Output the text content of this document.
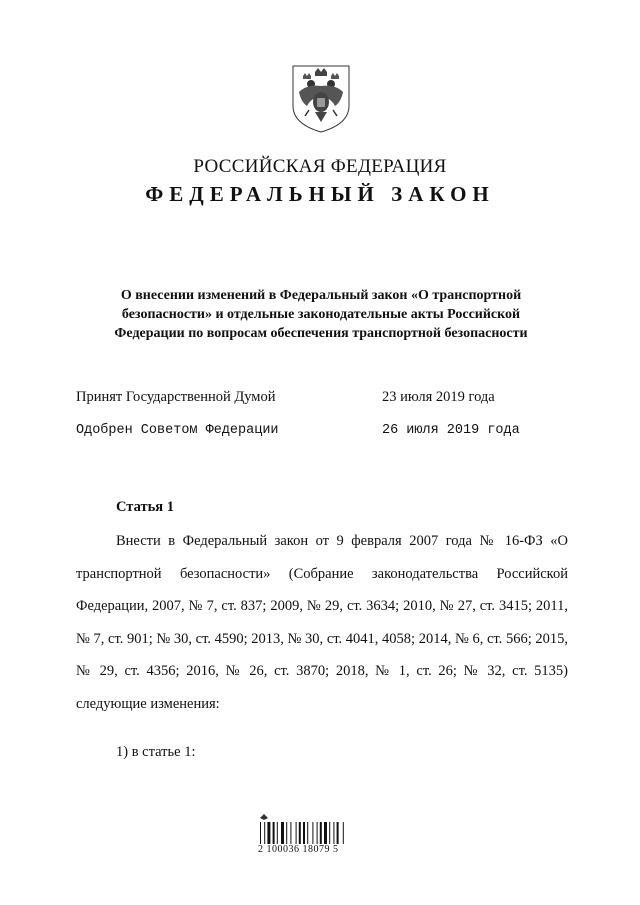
РОССИЙСКАЯ ФЕДЕРАЦИЯ
ФЕДЕРАЛЬНЫЙ ЗАКОН
О внесении изменений в Федеральный закон «О транспортной
безопасности» и отдельные законодательные акты Российской
Федерации по вопросам обеспечения транспортной безопасности
Принят Государственной Думой	23 июля 2019 года
Одобрен Советом Федерации	26 июля 2019 года
Статья 1

Внести в Федеральный закон от 9 февраля 2007 года № 16-ФЗ «О транспортной безопасности» (Собрание законодательства Российской Федерации, 2007, № 7, ст. 837; 2009, № 29, ст. 3634; 2010, № 27, ст. 3415; 2011, № 7, ст. 901; № 30, ст. 4590; 2013, № 30, ст. 4041, 4058; 2014, № 6, ст. 566; 2015, № 29, ст. 4356; 2016, № 26, ст. 3870; 2018, № 1, ст. 26; № 32, ст. 5135) следующие изменения:

1) в статье 1:
2 100036 18079 5
